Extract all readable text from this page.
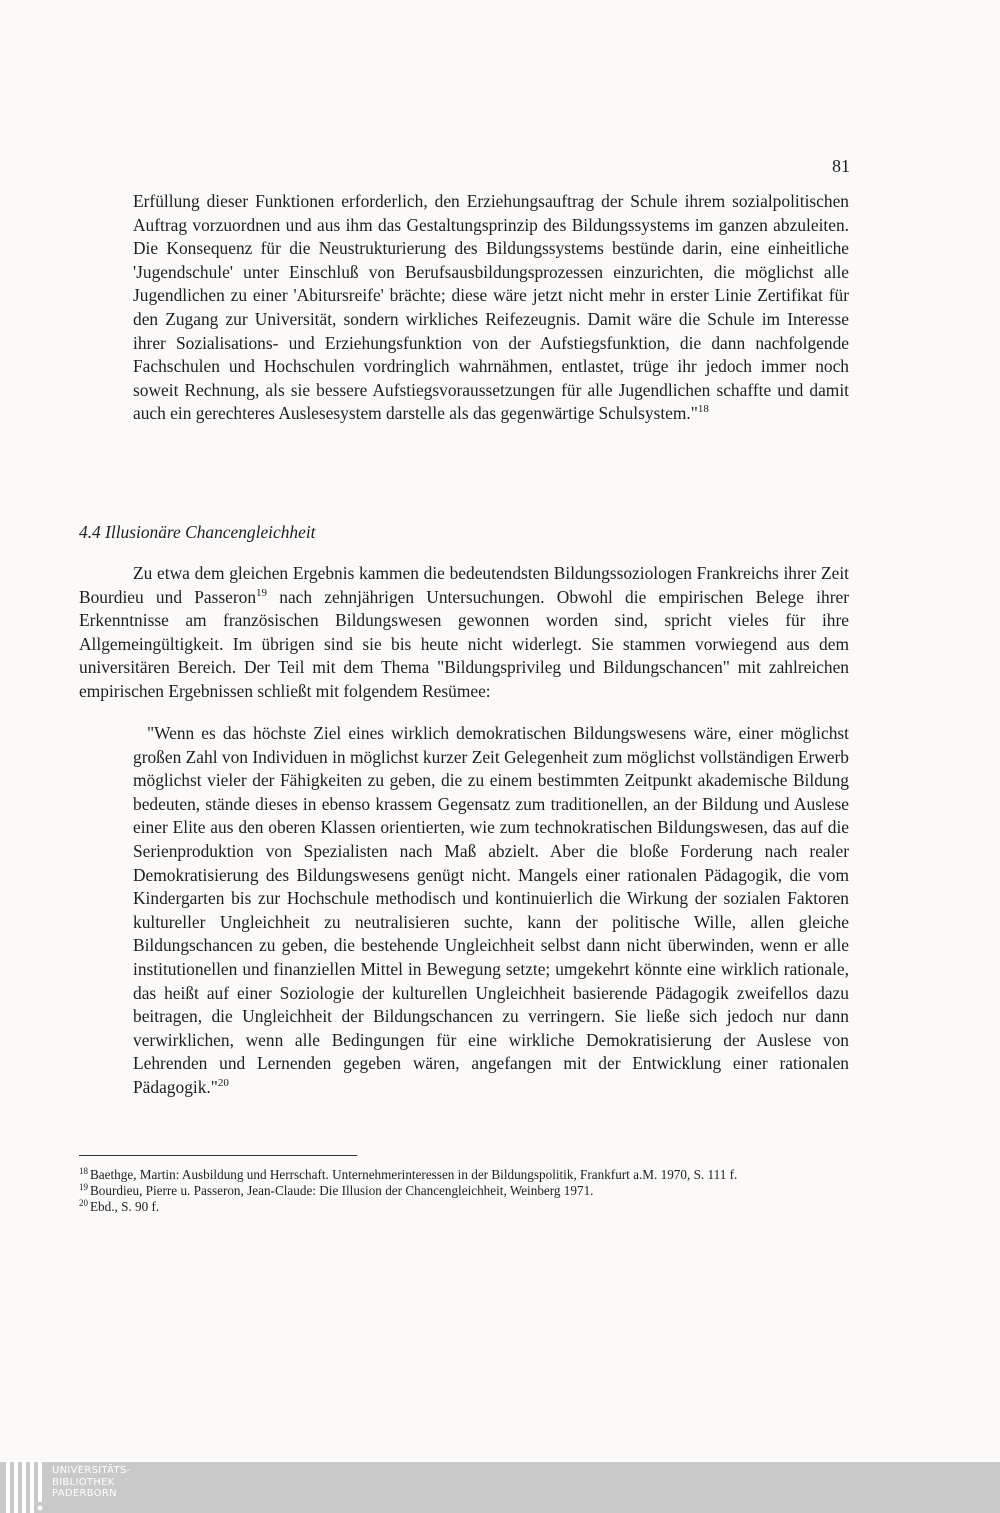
81
Erfüllung dieser Funktionen erforderlich, den Erziehungsauftrag der Schule ihrem sozialpolitischen Auftrag vorzuordnen und aus ihm das Gestaltungsprinzip des Bildungssystems im ganzen abzuleiten. Die Konsequenz für die Neustrukturierung des Bildungssystems bestünde darin, eine einheitliche 'Jugendschule' unter Einschluß von Berufsausbildungsprozessen einzurichten, die möglichst alle Jugendlichen zu einer 'Abitursreife' brächte; diese wäre jetzt nicht mehr in erster Linie Zertifikat für den Zugang zur Universität, sondern wirkliches Reifezeugnis. Damit wäre die Schule im Interesse ihrer Sozialisations- und Erziehungsfunktion von der Aufstiegsfunktion, die dann nachfolgende Fachschulen und Hochschulen vordringlich wahrnähmen, entlastet, trüge ihr jedoch immer noch soweit Rechnung, als sie bessere Aufstiegsvoraussetzungen für alle Jugendlichen schaffte und damit auch ein gerechteres Auslesesystem darstelle als das gegenwärtige Schulsystem."$^{18}$
4.4 Illusionäre Chancengleichheit
Zu etwa dem gleichen Ergebnis kammen die bedeutendsten Bildungssoziologen Frankreichs ihrer Zeit Bourdieu und Passeron$^{19}$ nach zehnjährigen Untersuchungen. Obwohl die empirischen Belege ihrer Erkenntnisse am französischen Bildungswesen gewonnen worden sind, spricht vieles für ihre Allgemeingültigkeit. Im übrigen sind sie bis heute nicht widerlegt. Sie stammen vorwiegend aus dem universitären Bereich. Der Teil mit dem Thema "Bildungsprivileg und Bildungschancen" mit zahlreichen empirischen Ergebnissen schließt mit folgendem Resümee:
"Wenn es das höchste Ziel eines wirklich demokratischen Bildungswesens wäre, einer möglichst großen Zahl von Individuen in möglichst kurzer Zeit Gelegenheit zum möglichst vollständigen Erwerb möglichst vieler der Fähigkeiten zu geben, die zu einem bestimmten Zeitpunkt akademische Bildung bedeuten, stände dieses in ebenso krassem Gegensatz zum traditionellen, an der Bildung und Auslese einer Elite aus den oberen Klassen orientierten, wie zum technokratischen Bildungswesen, das auf die Serienproduktion von Spezialisten nach Maß abzielt. Aber die bloße Forderung nach realer Demokratisierung des Bildungswesens genügt nicht. Mangels einer rationalen Pädagogik, die vom Kindergarten bis zur Hochschule methodisch und kontinuierlich die Wirkung der sozialen Faktoren kultureller Ungleichheit zu neutralisieren suchte, kann der politische Wille, allen gleiche Bildungschancen zu geben, die bestehende Ungleichheit selbst dann nicht überwinden, wenn er alle institutionellen und finanziellen Mittel in Bewegung setzte; umgekehrt könnte eine wirklich rationale, das heißt auf einer Soziologie der kulturellen Ungleichheit basierende Pädagogik zweifellos dazu beitragen, die Ungleichheit der Bildungschancen zu verringern. Sie ließe sich jedoch nur dann verwirklichen, wenn alle Bedingungen für eine wirkliche Demokratisierung der Auslese von Lehrenden und Lernenden gegeben wären, angefangen mit der Entwicklung einer rationalen Pädagogik."$^{20}$

$^{18}$ Baethge, Martin: Ausbildung und Herrschaft. Unternehmerinteressen in der Bildungspolitik, Frankfurt a.M. 1970, S. 111 f.

$^{19}$ Bourdieu, Pierre u. Passeron, Jean-Claude: Die Illusion der Chancengleichheit, Weinberg 1971.

$^{20}$ Ebd., S. 90 f.

UNIVERSITÄTS-
BIBLIOTHEK
PADERBORN
